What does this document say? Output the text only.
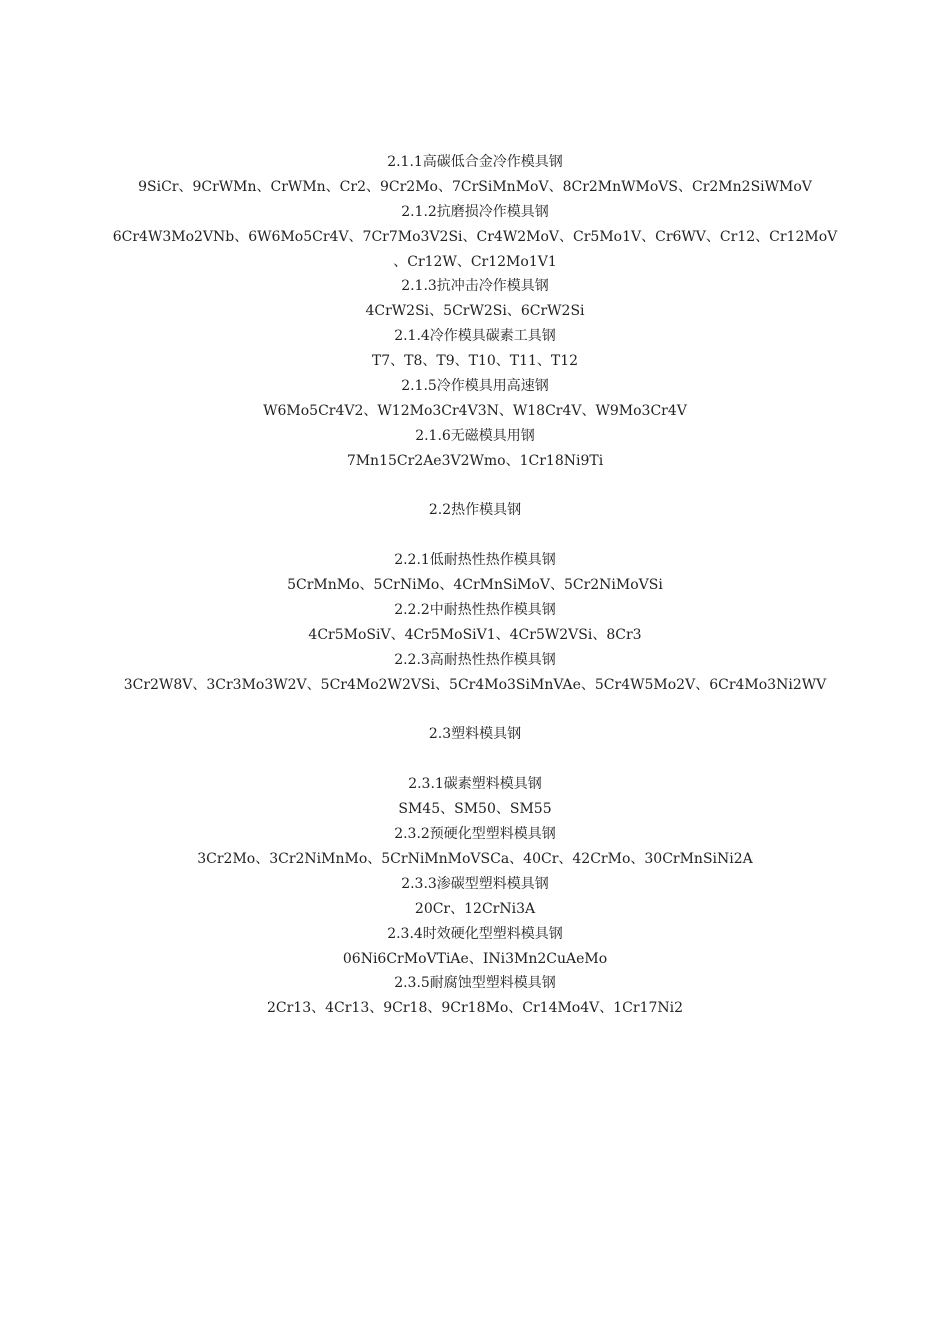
2.1.1高碳低合金冷作模具钢
9SiCr、9CrWMn、CrWMn、Cr2、9Cr2Mo、7CrSiMnMoV、8Cr2MnWMoVS、Cr2Mn2SiWMoV
2.1.2抗磨损冷作模具钢
6Cr4W3Mo2VNb、6W6Mo5Cr4V、7Cr7Mo3V2Si、Cr4W2MoV、Cr5Mo1V、Cr6WV、Cr12、Cr12MoV
、Cr12W、Cr12Mo1V1
2.1.3抗冲击冷作模具钢
4CrW2Si、5CrW2Si、6CrW2Si
2.1.4冷作模具碳素工具钢
T7、T8、T9、T10、T11、T12
2.1.5冷作模具用高速钢
W6Mo5Cr4V2、W12Mo3Cr4V3N、W18Cr4V、W9Mo3Cr4V
2.1.6无磁模具用钢
7Mn15Cr2Ae3V2Wmo、1Cr18Ni9Ti
2.2热作模具钢
2.2.1低耐热性热作模具钢
5CrMnMo、5CrNiMo、4CrMnSiMoV、5Cr2NiMoVSi
2.2.2中耐热性热作模具钢
4Cr5MoSiV、4Cr5MoSiV1、4Cr5W2VSi、8Cr3
2.2.3高耐热性热作模具钢
3Cr2W8V、3Cr3Mo3W2V、5Cr4Mo2W2VSi、5Cr4Mo3SiMnVAe、5Cr4W5Mo2V、6Cr4Mo3Ni2WV
2.3塑料模具钢
2.3.1碳素塑料模具钢
SM45、SM50、SM55
2.3.2预硬化型塑料模具钢
3Cr2Mo、3Cr2NiMnMo、5CrNiMnMoVSCa、40Cr、42CrMo、30CrMnSiNi2A
2.3.3渗碳型塑料模具钢
20Cr、12CrNi3A
2.3.4时效硬化型塑料模具钢
06Ni6CrMoVTiAe、INi3Mn2CuAeMo
2.3.5耐腐蚀型塑料模具钢
2Cr13、4Cr13、9Cr18、9Cr18Mo、Cr14Mo4V、1Cr17Ni2
